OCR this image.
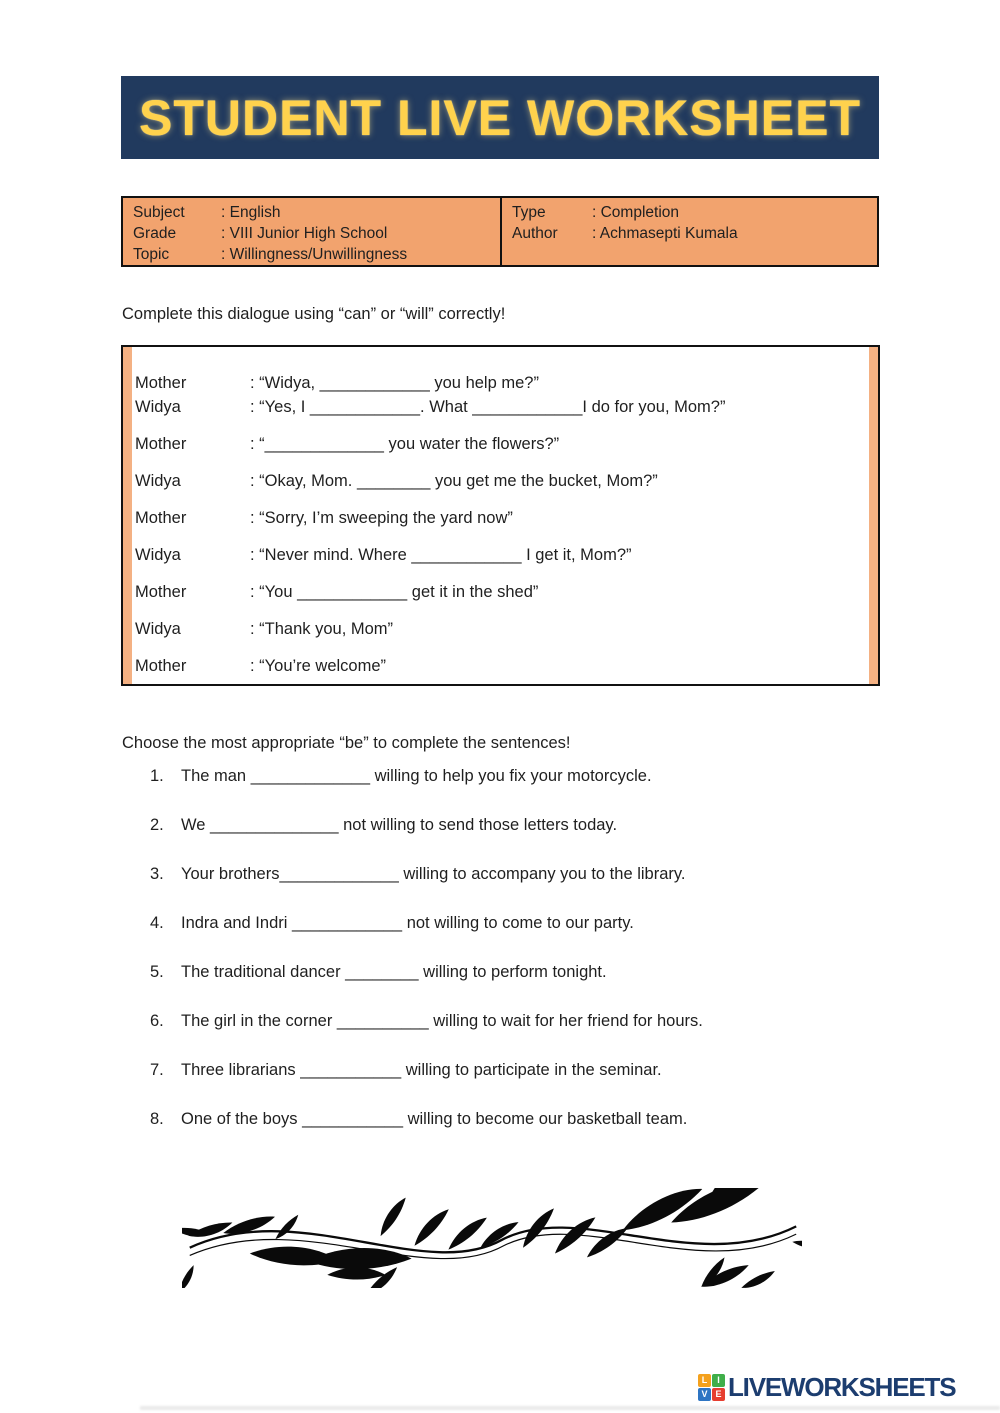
STUDENT LIVE WORKSHEET
Subject	: English
Grade	: VIII Junior High School
Topic	: Willingness/Unwillingness
Type	: Completion
Author	: Achmasepti Kumala
Complete this dialogue using “can” or “will” correctly!
Mother	: “Widya, ____________ you help me?”
Widya	: “Yes, I ____________. What ____________I do for you, Mom?”
Mother	: “_____________ you water the flowers?”
Widya	: “Okay, Mom. ________ you get me the bucket, Mom?”
Mother	: “Sorry, I’m sweeping the yard now”
Widya	: “Never mind. Where ____________ I get it, Mom?”
Mother	: “You ____________ get it in the shed”
Widya	: “Thank you, Mom”
Mother	: “You’re welcome”
Choose the most appropriate “be” to complete the sentences!
1.	The man _____________ willing to help you fix your motorcycle.
2.	We ______________ not willing to send those letters today.
3.	Your brothers_____________ willing to accompany you to the library.
4.	Indra and Indri ____________ not willing to come to our party.
5.	The traditional dancer ________ willing to perform tonight.
6.	The girl in the corner __________ willing to wait for her friend for hours.
7.	Three librarians ___________ willing to participate in the seminar.
8.	One of the boys ___________ willing to become our basketball team.
L	I
V E LIVEWORKSHEETS
